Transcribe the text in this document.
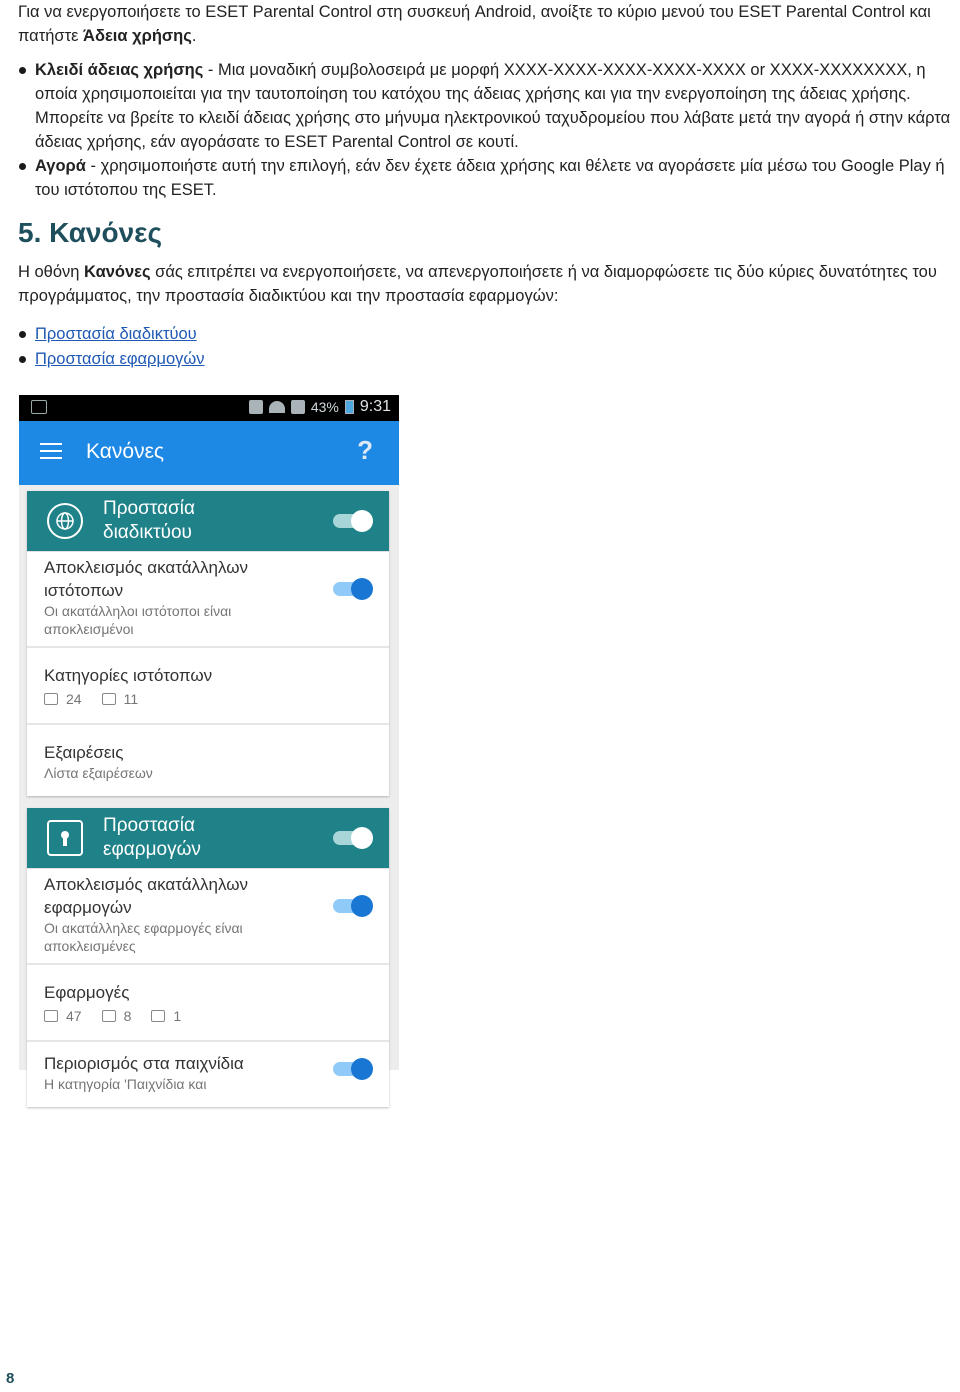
Για να ενεργοποιήσετε το ESET Parental Control στη συσκευή Android, ανοίξτε το κύριο μενού του ESET Parental Control και πατήστε Άδεια χρήσης.

Κλειδί άδειας χρήσης - Μια μοναδική συμβολοσειρά με μορφή XXXX-XXXX-XXXX-XXXX-XXXX or XXXX-XXXXXXXX, η οποία χρησιμοποιείται για την ταυτοποίηση του κατόχου της άδειας χρήσης και για την ενεργοποίηση της άδειας χρήσης. Μπορείτε να βρείτε το κλειδί άδειας χρήσης στο μήνυμα ηλεκτρονικού ταχυδρομείου που λάβατε μετά την αγορά ή στην κάρτα άδειας χρήσης, εάν αγοράσατε το ESET Parental Control σε κουτί.
Αγορά - χρησιμοποιήστε αυτή την επιλογή, εάν δεν έχετε άδεια χρήσης και θέλετε να αγοράσετε μία μέσω του Google Play ή του ιστότοπου της ESET.
5. Κανόνες

Η οθόνη Κανόνες σάς επιτρέπει να ενεργοποιήσετε, να απενεργοποιήσετε ή να διαμορφώσετε τις δύο κύριες δυνατότητες του προγράμματος, την προστασία διαδικτύου και την προστασία εφαρμογών:

Προστασία διαδικτύου
Προστασία εφαρμογών
43% 9:31
Κανόνες	?
Προστασία διαδικτύου
Αποκλεισμός ακατάλληλων ιστότοπων
Οι ακατάλληλοι ιστότοποι είναι αποκλεισμένοι
Κατηγορίες ιστότοπων
24	11
Εξαιρέσεις
Λίστα εξαιρέσεων
Προστασία εφαρμογών
Αποκλεισμός ακατάλληλων εφαρμογών
Οι ακατάλληλες εφαρμογές είναι αποκλεισμένες
Εφαρμογές
47	8	1
Περιορισμός στα παιχνίδια
Η κατηγορία 'Παιχνίδια και
8
